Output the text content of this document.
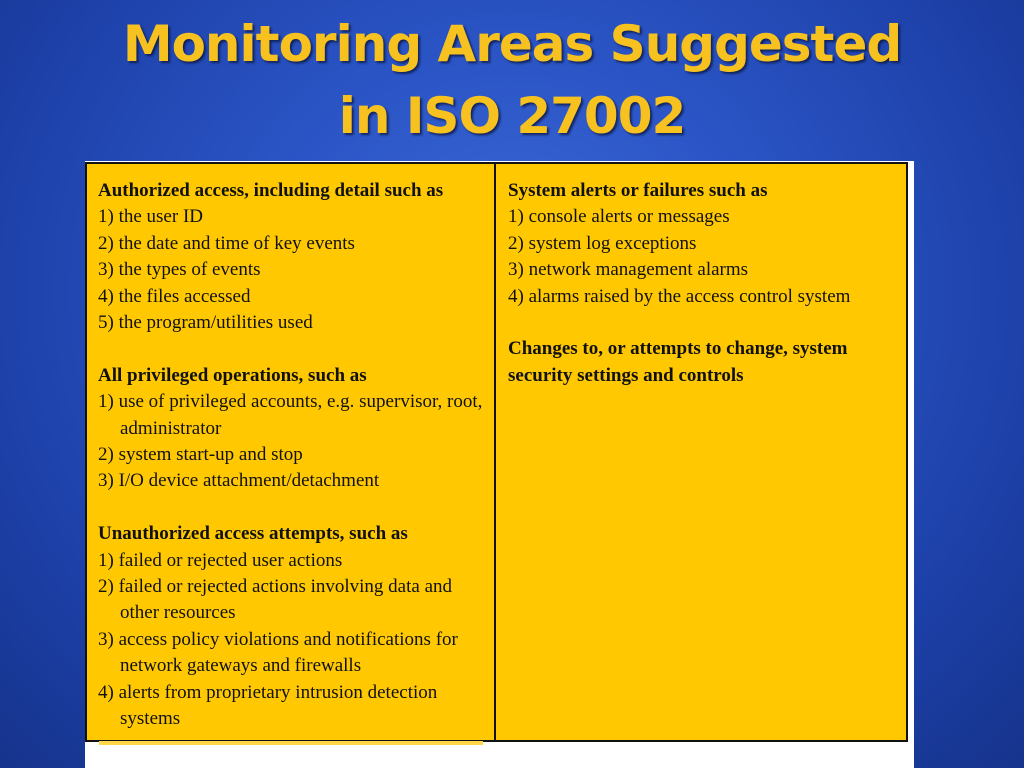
Monitoring Areas Suggested
in ISO 27002
Authorized access, including detail such as
1) the user ID
2) the date and time of key events
3) the types of events
4) the files accessed
5) the program/utilities used
All privileged operations, such as
1) use of privileged accounts, e.g. supervisor, root, administrator
2) system start-up and stop
3) I/O device attachment/detachment
Unauthorized access attempts, such as
1) failed or rejected user actions
2) failed or rejected actions involving data and other resources
3) access policy violations and notifications for network gateways and firewalls
4) alerts from proprietary intrusion detection systems
System alerts or failures such as
1) console alerts or messages
2) system log exceptions
3) network management alarms
4) alarms raised by the access control system
Changes to, or attempts to change, system security settings and controls
